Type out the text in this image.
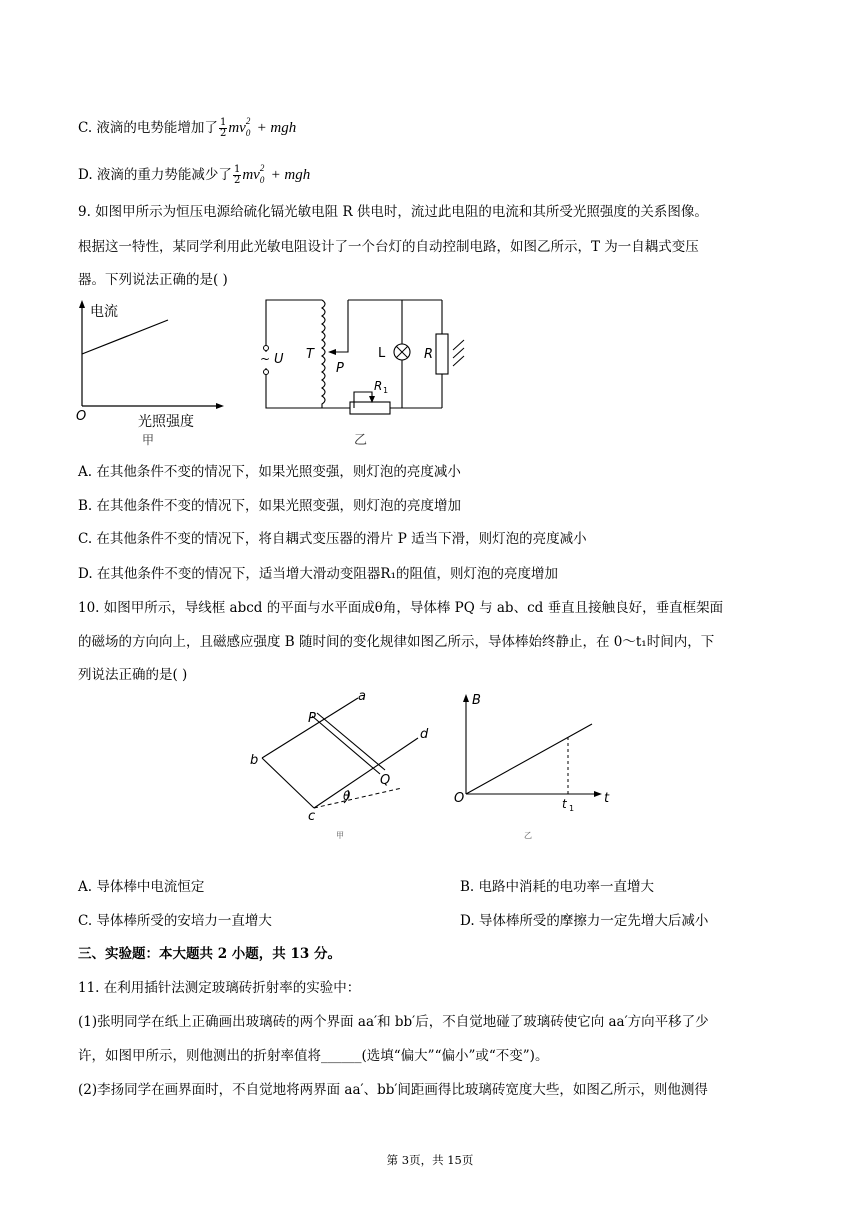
C. 液滴的电势能增加了 $\frac{1}{2}$ mv 2
0 + mgh
D. 液滴的重力势能减少了 $\frac{1}{2}$ mv 2
0 + mgh
9. 如图甲所示为恒压电源给硫化镉光敏电阻 R 供电时，流过此电阻的电流和其所受光照强度的关系图像。
根据这一特性，某同学利用此光敏电阻设计了一个台灯的自动控制电路，如图乙所示，T 为一自耦式变压
器。下列说法正确的是( )
电流
O	光照强度
甲
~ U T
P
L	R
R 1
乙
A. 在其他条件不变的情况下，如果光照变强，则灯泡的亮度减小
B. 在其他条件不变的情况下，如果光照变强，则灯泡的亮度增加
C. 在其他条件不变的情况下，将自耦式变压器的滑片 P 适当下滑，则灯泡的亮度减小
D. 在其他条件不变的情况下，适当增大滑动变阻器R₁的阻值，则灯泡的亮度增加
10. 如图甲所示，导线框 abcd 的平面与水平面成θ角，导体棒 PQ 与 ab、cd 垂直且接触良好，垂直框架面
的磁场的方向向上，且磁感应强度 B 随时间的变化规律如图乙所示，导体棒始终静止，在 0～t₁时间内，下
列说法正确的是( )
P
a
b
c
d
Q
θ
甲
B
t
O	t 1
乙
A. 导体棒中电流恒定	B. 电路中消耗的电功率一直增大
C. 导体棒所受的安培力一直增大	D. 导体棒所受的摩擦力一定先增大后减小
三、实验题：本大题共 2 小题，共 13 分。
11. 在利用插针法测定玻璃砖折射率的实验中：
(1)张明同学在纸上正确画出玻璃砖的两个界面 aa′和 bb′后，不自觉地碰了玻璃砖使它向 aa′方向平移了少
许，如图甲所示，则他测出的折射率值将______(选填“偏大”“偏小”或“不变”)。
(2)李扬同学在画界面时，不自觉地将两界面 aa′、bb′间距画得比玻璃砖宽度大些，如图乙所示，则他测得
第 3页，共 15页
